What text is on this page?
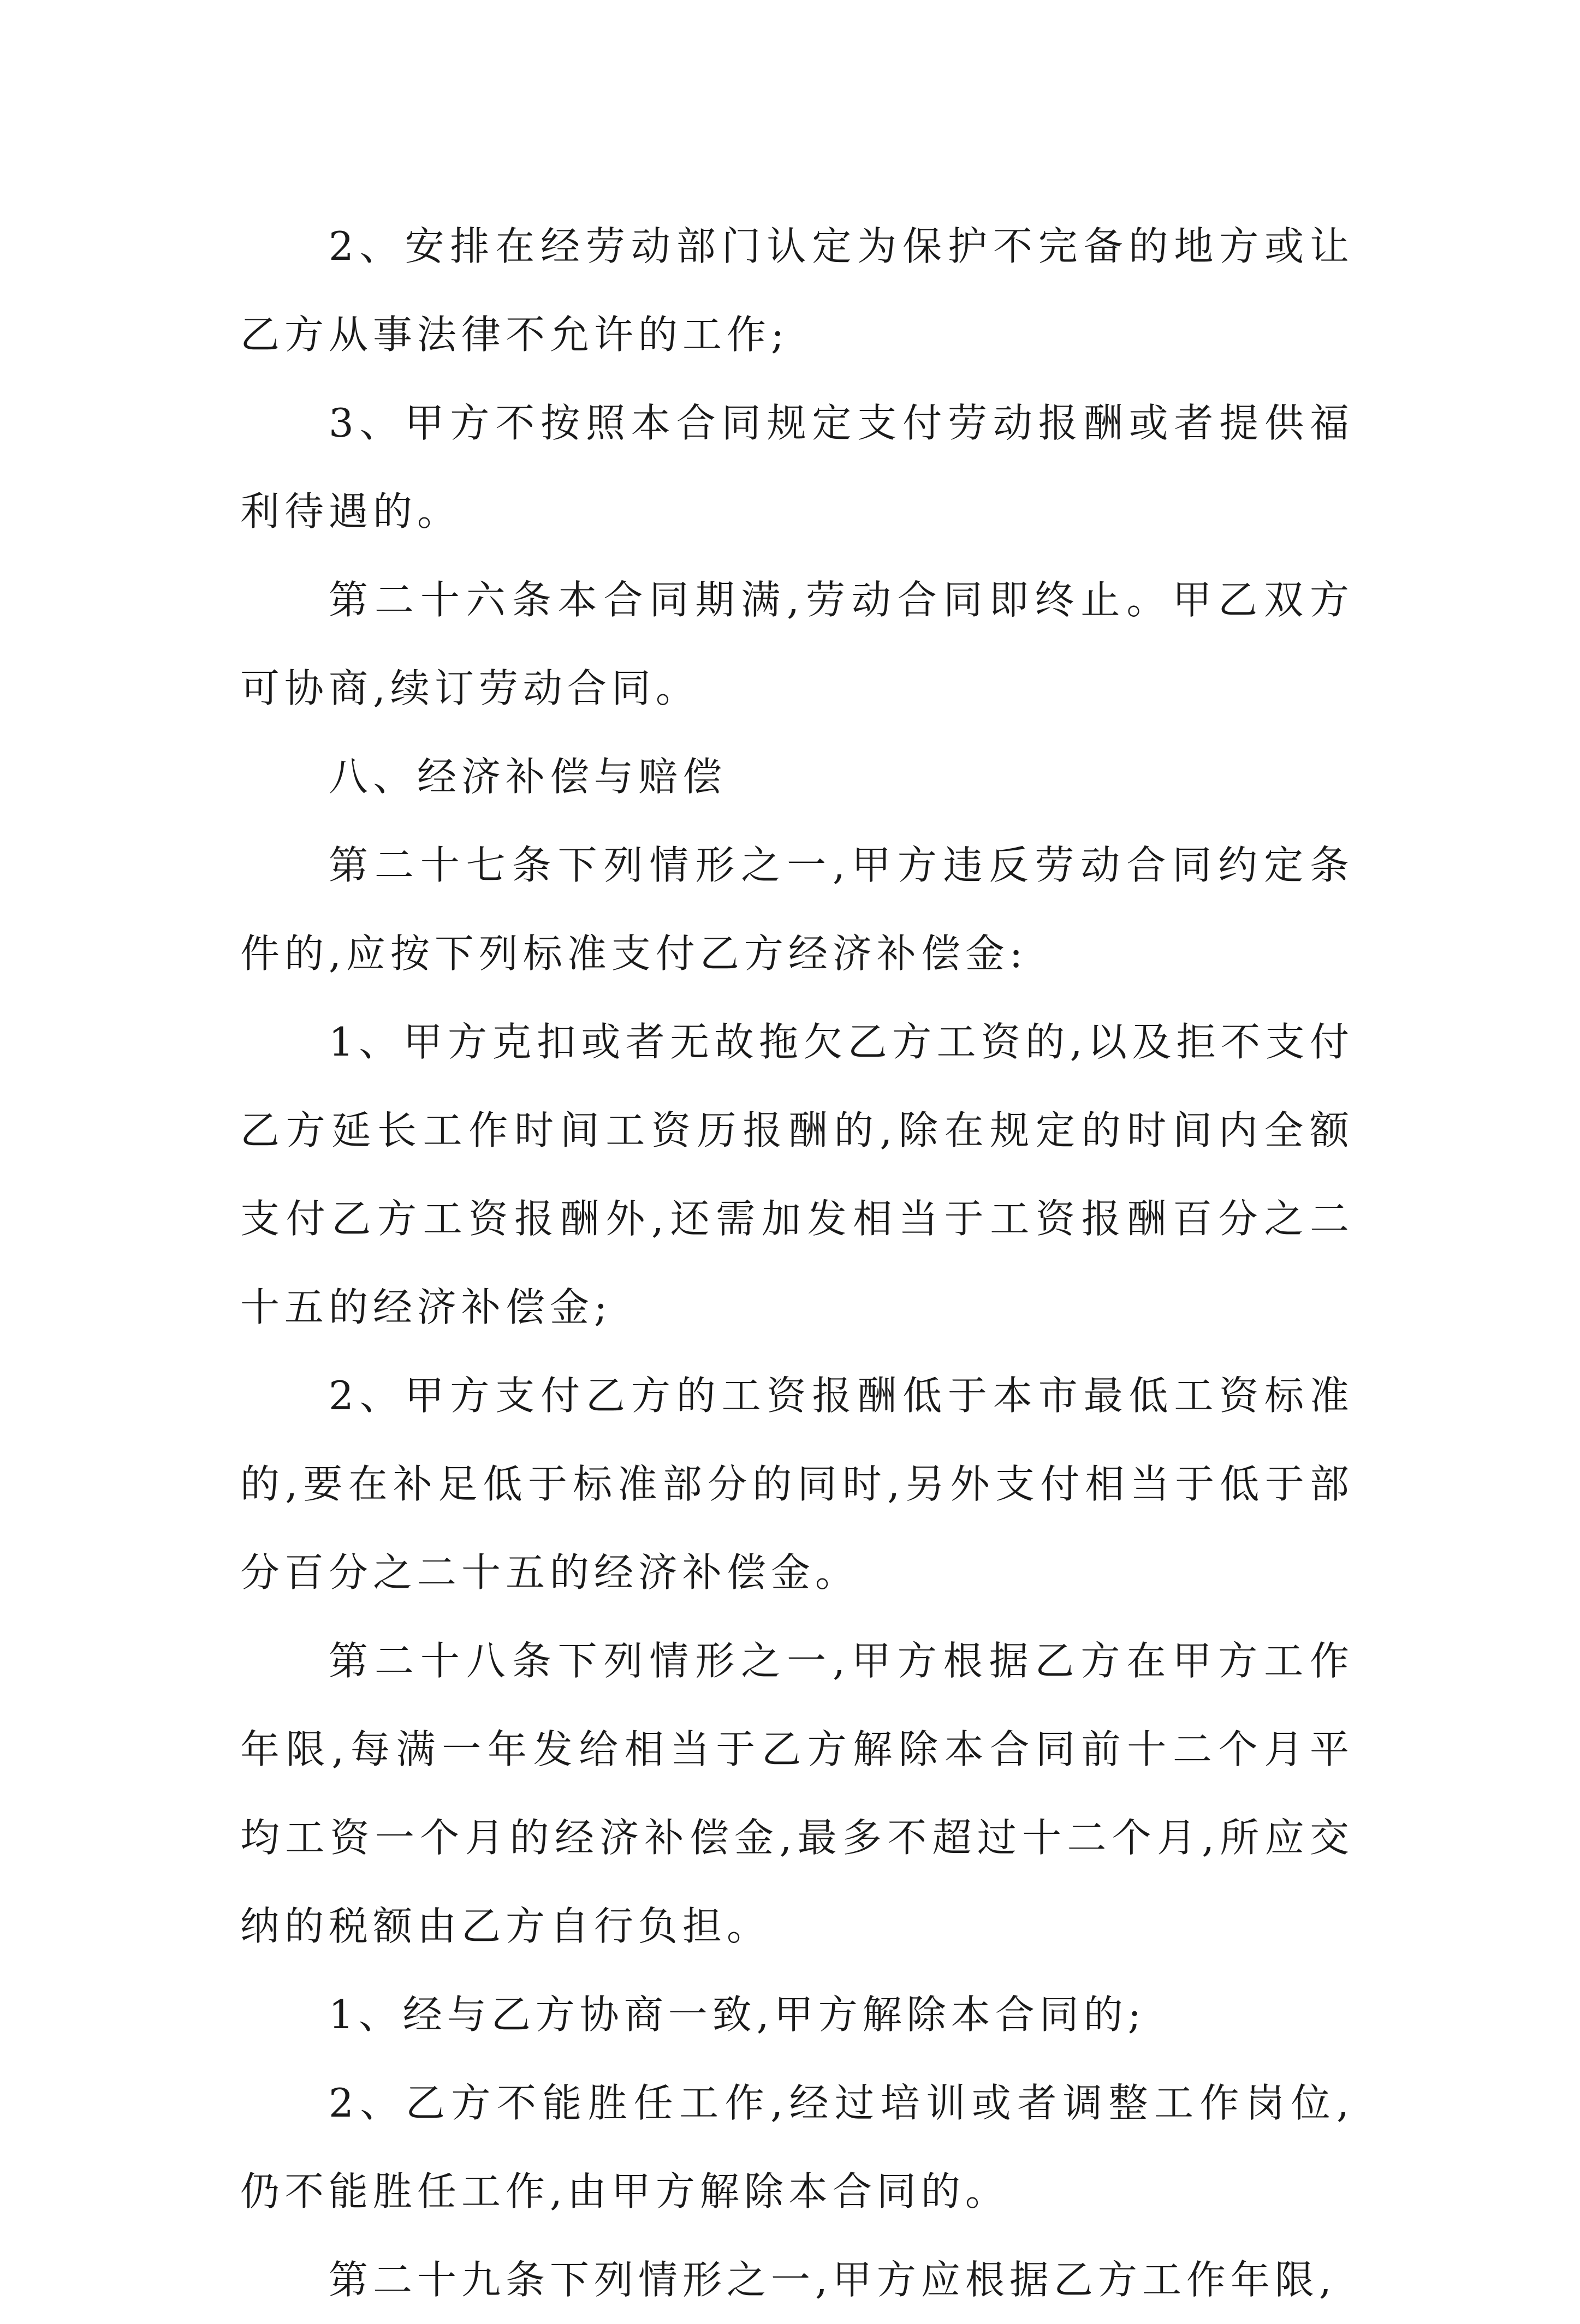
2、安排在经劳动部门认定为保护不完备的地方或让乙方从事法律不允许的工作;

3、甲方不按照本合同规定支付劳动报酬或者提供福利待遇的。

第二十六条本合同期满,劳动合同即终止。甲乙双方可协商,续订劳动合同。

八、经济补偿与赔偿

第二十七条下列情形之一,甲方违反劳动合同约定条件的,应按下列标准支付乙方经济补偿金:

1、甲方克扣或者无故拖欠乙方工资的,以及拒不支付乙方延长工作时间工资历报酬的,除在规定的时间内全额支付乙方工资报酬外,还需加发相当于工资报酬百分之二十五的经济补偿金;

2、甲方支付乙方的工资报酬低于本市最低工资标准的,要在补足低于标准部分的同时,另外支付相当于低于部分百分之二十五的经济补偿金。

第二十八条下列情形之一,甲方根据乙方在甲方工作年限,每满一年发给相当于乙方解除本合同前十二个月平均工资一个月的经济补偿金,最多不超过十二个月,所应交纳的税额由乙方自行负担。

1、经与乙方协商一致,甲方解除本合同的;

2、乙方不能胜任工作,经过培训或者调整工作岗位,仍不能胜任工作,由甲方解除本合同的。

第二十九条下列情形之一,甲方应根据乙方工作年限,
